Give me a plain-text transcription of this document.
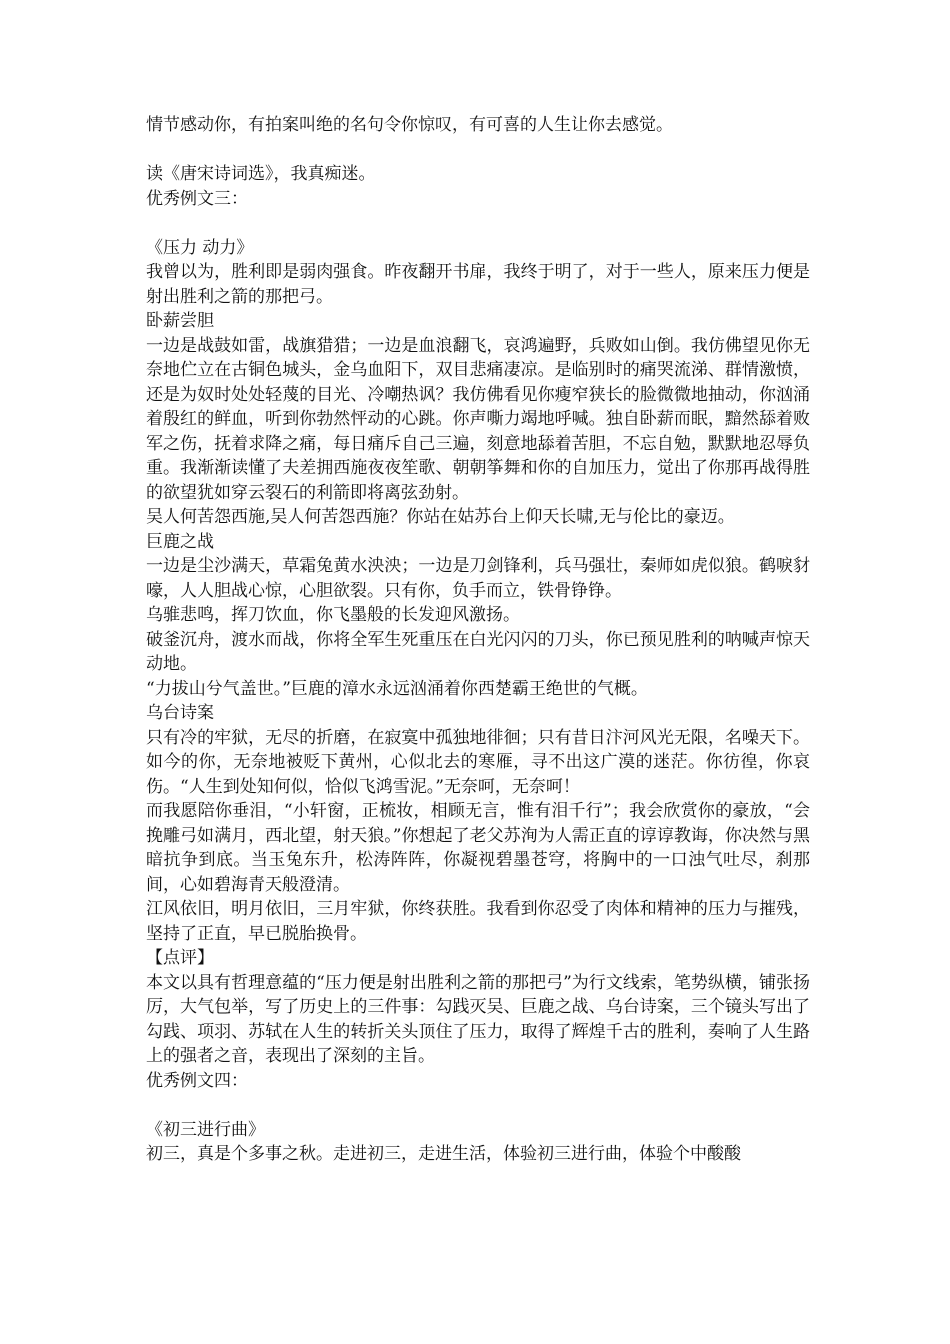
情节感动你，有拍案叫绝的名句令你惊叹，有可喜的人生让你去感觉。

读《唐宋诗词选》，我真痴迷。

优秀例文三：

《压力 动力》

我曾以为，胜利即是弱肉强食。昨夜翻开书扉，我终于明了，对于一些人，原来压力便是射出胜利之箭的那把弓。

卧薪尝胆

一边是战鼓如雷，战旗猎猎；一边是血浪翻飞，哀鸿遍野，兵败如山倒。我仿佛望见你无奈地伫立在古铜色城头，金乌血阳下，双目悲痛凄凉。是临别时的痛哭流涕、群情激愤，还是为奴时处处轻蔑的目光、冷嘲热讽？我仿佛看见你瘦窄狭长的脸微微地抽动，你汹涌着殷红的鲜血，听到你勃然怦动的心跳。你声嘶力竭地呼喊。独自卧薪而眠，黯然舔着败军之伤，抚着求降之痛，每日痛斥自己三遍，刻意地舔着苦胆，不忘自勉，默默地忍辱负重。我渐渐读懂了夫差拥西施夜夜笙歌、朝朝筝舞和你的自加压力，觉出了你那再战得胜的欲望犹如穿云裂石的利箭即将离弦劲射。

吴人何苦怨西施,吴人何苦怨西施？你站在姑苏台上仰天长啸,无与伦比的豪迈。

巨鹿之战

一边是尘沙满天，草霜兔黄水泱泱；一边是刀剑锋利，兵马强壮，秦师如虎似狼。鹤唳豺嚎，人人胆战心惊，心胆欲裂。只有你，负手而立，铁骨铮铮。

乌骓悲鸣，挥刀饮血，你飞墨般的长发迎风激扬。

破釜沉舟，渡水而战，你将全军生死重压在白光闪闪的刀头，你已预见胜利的呐喊声惊天动地。

“力拔山兮气盖世。”巨鹿的漳水永远汹涌着你西楚霸王绝世的气概。

乌台诗案

只有冷的牢狱，无尽的折磨，在寂寞中孤独地徘徊；只有昔日汴河风光无限，名噪天下。如今的你，无奈地被贬下黄州，心似北去的寒雁，寻不出这广漠的迷茫。你彷徨，你哀伤。“人生到处知何似，恰似飞鸿雪泥。”无奈呵，无奈呵！

而我愿陪你垂泪，“小轩窗，正梳妆，相顾无言，惟有泪千行”；我会欣赏你的豪放，“会挽雕弓如满月，西北望，射天狼。”你想起了老父苏洵为人需正直的谆谆教诲，你决然与黑暗抗争到底。当玉兔东升，松涛阵阵，你凝视碧墨苍穹，将胸中的一口浊气吐尽，刹那间，心如碧海青天般澄清。

江风依旧，明月依旧，三月牢狱，你终获胜。我看到你忍受了肉体和精神的压力与摧残，坚持了正直，早已脱胎换骨。

【点评】

本文以具有哲理意蕴的“压力便是射出胜利之箭的那把弓”为行文线索，笔势纵横，铺张扬厉，大气包举，写了历史上的三件事：勾践灭吴、巨鹿之战、乌台诗案，三个镜头写出了勾践、项羽、苏轼在人生的转折关头顶住了压力，取得了辉煌千古的胜利，奏响了人生路上的强者之音，表现出了深刻的主旨。

优秀例文四：

《初三进行曲》

初三，真是个多事之秋。走进初三，走进生活，体验初三进行曲，体验个中酸酸
